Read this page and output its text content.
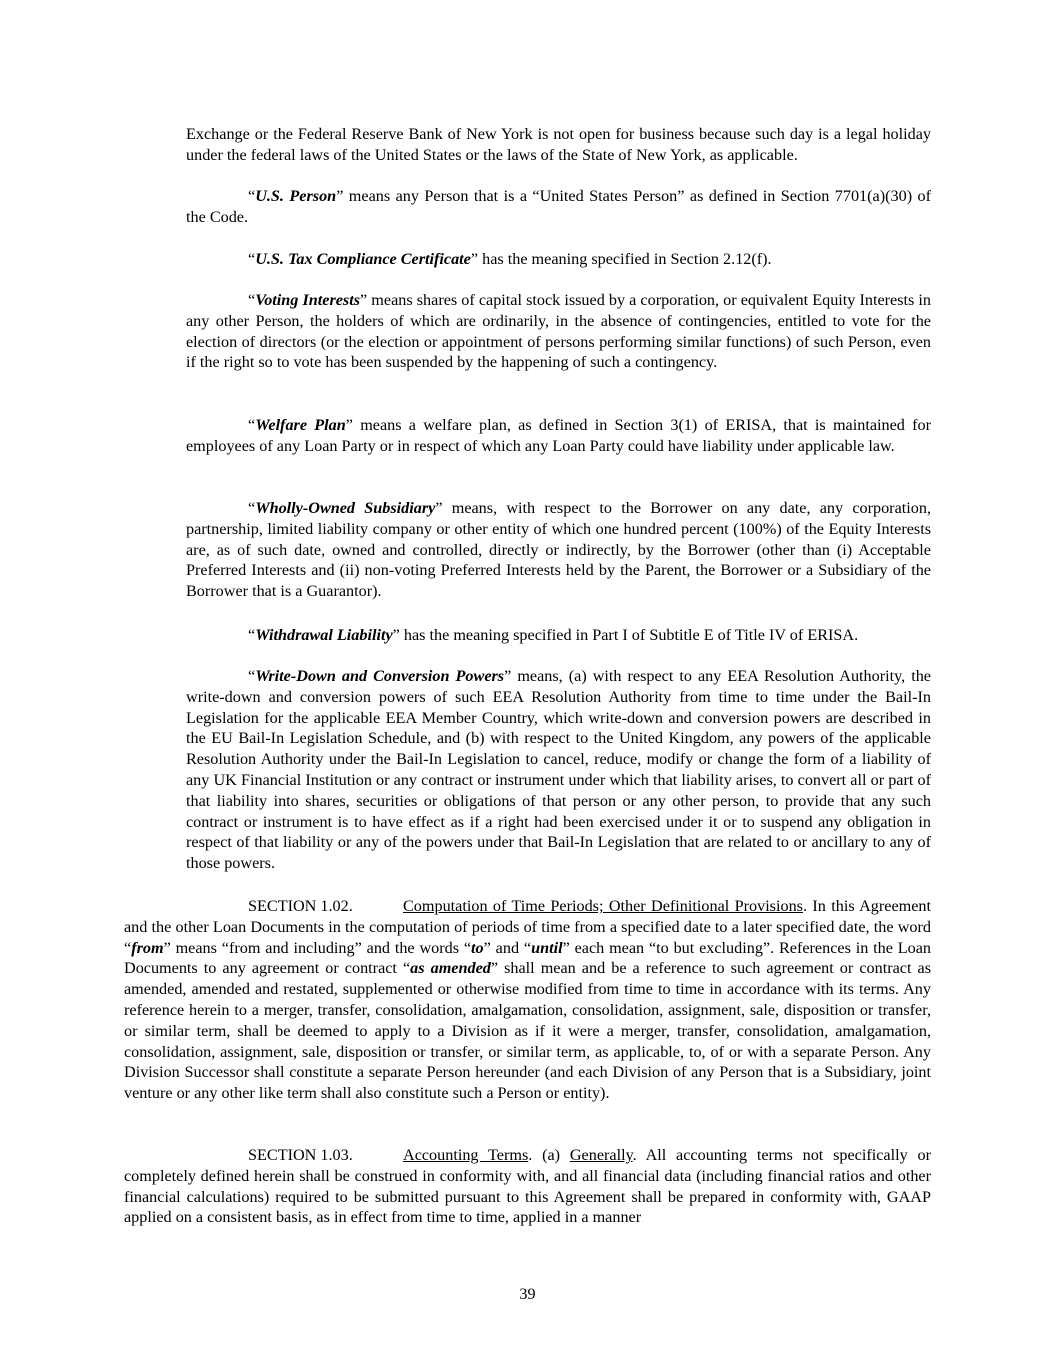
Exchange or the Federal Reserve Bank of New York is not open for business because such day is a legal holiday under the federal laws of the United States or the laws of the State of New York, as applicable.

“U.S. Person” means any Person that is a “United States Person” as defined in Section 7701(a)(30) of the Code.

“U.S. Tax Compliance Certificate” has the meaning specified in Section 2.12(f).

“Voting Interests” means shares of capital stock issued by a corporation, or equivalent Equity Interests in any other Person, the holders of which are ordinarily, in the absence of contingencies, entitled to vote for the election of directors (or the election or appointment of persons performing similar functions) of such Person, even if the right so to vote has been suspended by the happening of such a contingency.

“Welfare Plan” means a welfare plan, as defined in Section 3(1) of ERISA, that is maintained for employees of any Loan Party or in respect of which any Loan Party could have liability under applicable law.

“Wholly-Owned Subsidiary” means, with respect to the Borrower on any date, any corporation, partnership, limited liability company or other entity of which one hundred percent (100%) of the Equity Interests are, as of such date, owned and controlled, directly or indirectly, by the Borrower (other than (i) Acceptable Preferred Interests and (ii) non-voting Preferred Interests held by the Parent, the Borrower or a Subsidiary of the Borrower that is a Guarantor).

“Withdrawal Liability” has the meaning specified in Part I of Subtitle E of Title IV of ERISA.

“Write-Down and Conversion Powers” means, (a) with respect to any EEA Resolution Authority, the write-down and conversion powers of such EEA Resolution Authority from time to time under the Bail-In Legislation for the applicable EEA Member Country, which write-down and conversion powers are described in the EU Bail-In Legislation Schedule, and (b) with respect to the United Kingdom, any powers of the applicable Resolution Authority under the Bail-In Legislation to cancel, reduce, modify or change the form of a liability of any UK Financial Institution or any contract or instrument under which that liability arises, to convert all or part of that liability into shares, securities or obligations of that person or any other person, to provide that any such contract or instrument is to have effect as if a right had been exercised under it or to suspend any obligation in respect of that liability or any of the powers under that Bail-In Legislation that are related to or ancillary to any of those powers.

SECTION 1.02.	Computation of Time Periods; Other Definitional Provisions. In this Agreement and the other Loan Documents in the computation of periods of time from a specified date to a later specified date, the word “from” means “from and including” and the words “to” and “until” each mean “to but excluding”. References in the Loan Documents to any agreement or contract “as amended” shall mean and be a reference to such agreement or contract as amended, amended and restated, supplemented or otherwise modified from time to time in accordance with its terms. Any reference herein to a merger, transfer, consolidation, amalgamation, consolidation, assignment, sale, disposition or transfer, or similar term, shall be deemed to apply to a Division as if it were a merger, transfer, consolidation, amalgamation, consolidation, assignment, sale, disposition or transfer, or similar term, as applicable, to, of or with a separate Person. Any Division Successor shall constitute a separate Person hereunder (and each Division of any Person that is a Subsidiary, joint venture or any other like term shall also constitute such a Person or entity).

SECTION 1.03.	Accounting Terms. (a) Generally. All accounting terms not specifically or completely defined herein shall be construed in conformity with, and all financial data (including financial ratios and other financial calculations) required to be submitted pursuant to this Agreement shall be prepared in conformity with, GAAP applied on a consistent basis, as in effect from time to time, applied in a manner

39
